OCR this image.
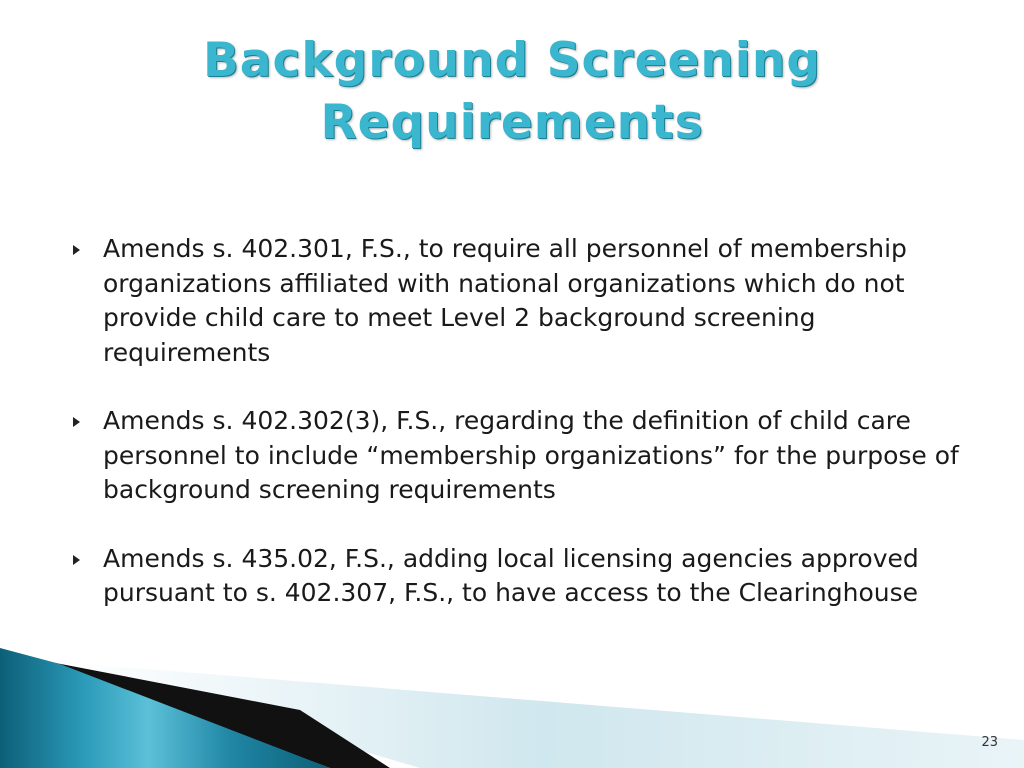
Background Screening
Requirements
Amends s. 402.301, F.S., to require all personnel of membership organizations affiliated with national organizations which do not provide child care to meet Level 2 background screening requirements
Amends s. 402.302(3), F.S., regarding the definition of child care personnel to include “membership organizations” for the purpose of background screening requirements
Amends s. 435.02, F.S., adding local licensing agencies approved pursuant to s. 402.307, F.S., to have access to the Clearinghouse
23
